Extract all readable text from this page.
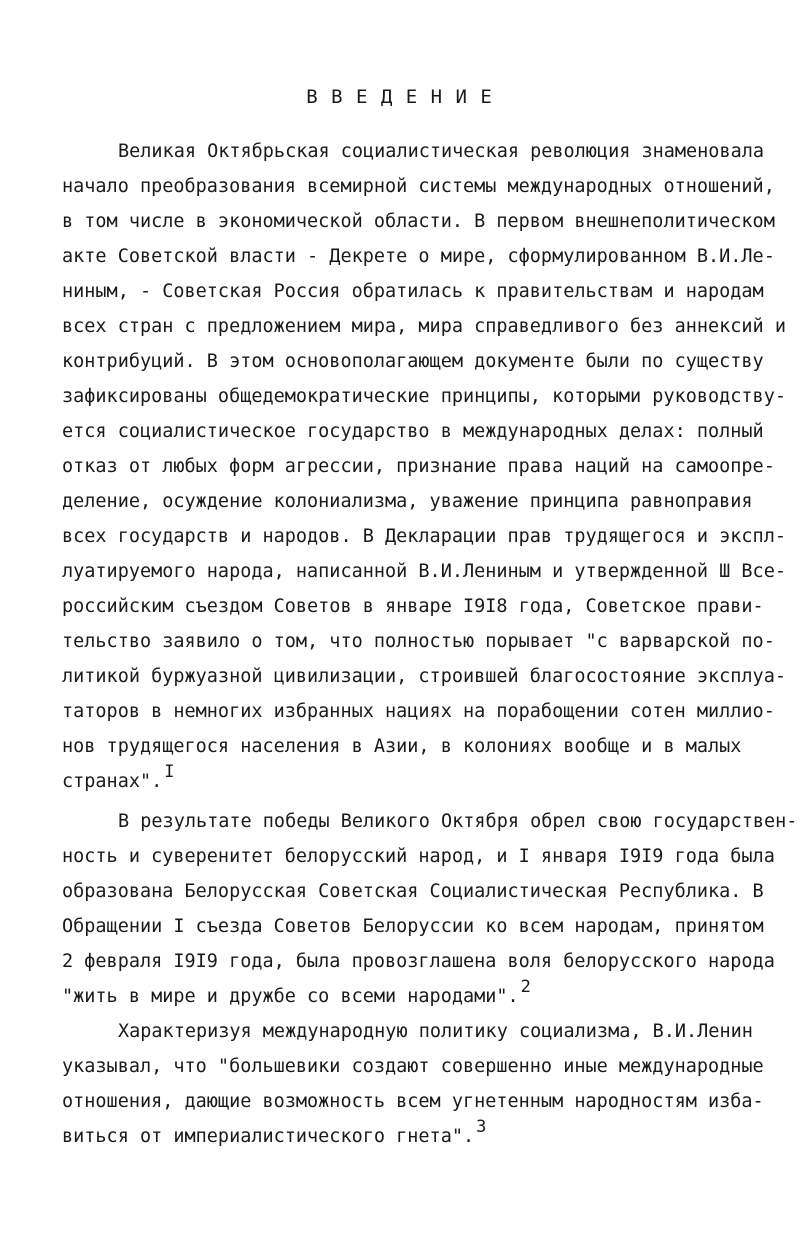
В В Е Д Е Н И Е
Великая Октябрьская социалистическая революция знаменовала
начало преобразования всемирной системы международных отношений,
в том числе в экономической области. В первом внешнеполитическом
акте Советской власти - Декрете о мире, сформулированном В.И.Ле-
ниным, - Советская Россия обратилась к правительствам и народам
всех стран с предложением мира, мира справедливого без аннексий и
контрибуций. В этом основополагающем документе были по существу
зафиксированы общедемократические принципы, которыми руководству-
ется социалистическое государство в международных делах: полный
отказ от любых форм агрессии, признание права наций на самоопре-
деление, осуждение колониализма, уважение принципа равноправия
всех государств и народов. В Декларации прав трудящегося и экспл-
луатируемого народа, написанной В.И.Лениным и утвержденной Ш Все-
российским съездом Советов в январе I9I8 года, Советское прави-
тельство заявило о том, что полностью порывает "с варварской по-
литикой буржуазной цивилизации, строившей благосостояние эксплуа-
таторов в немногих избранных нациях на порабощении сотен миллио-
нов трудящегося населения в Азии, в колониях вообще и в малых
странах". I
В результате победы Великого Октября обрел свою государствен-
ность и суверенитет белорусский народ, и I января I9I9 года была
образована Белорусская Советская Социалистическая Республика. В
Обращении I съезда Советов Белоруссии ко всем народам, принятом
2 февраля I9I9 года, была провозглашена воля белорусского народа
"жить в мире и дружбе со всеми народами". 2
Характеризуя международную политику социализма, В.И.Ленин
указывал, что "большевики создают совершенно иные международные
отношения, дающие возможность всем угнетенным народностям изба-
виться от империалистического гнета". 3
